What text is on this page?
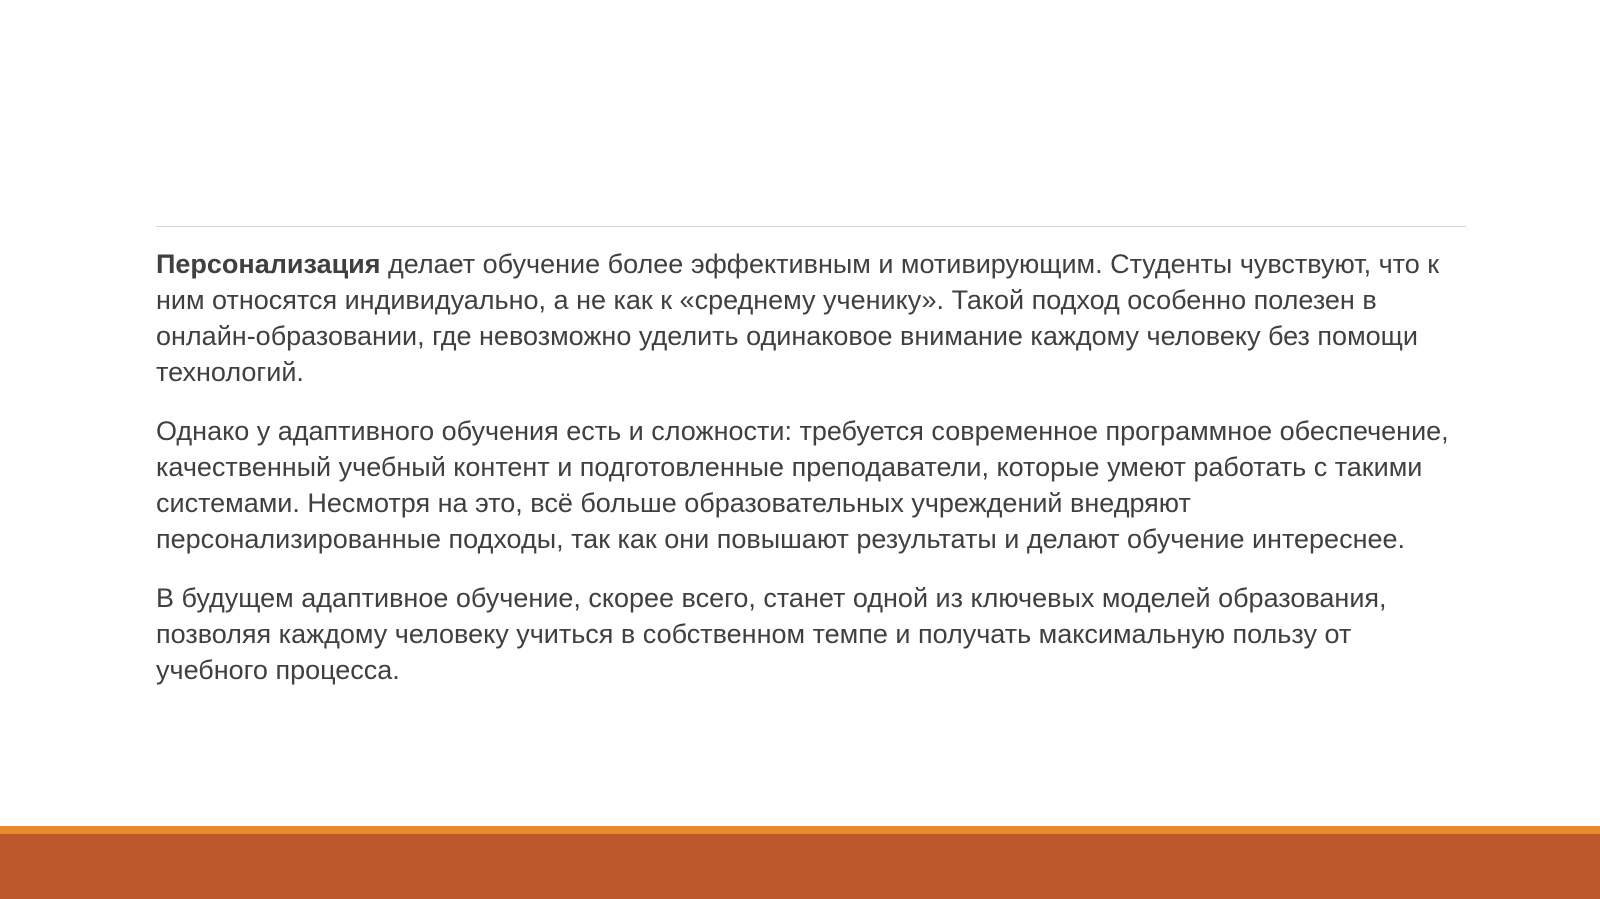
Персонализация делает обучение более эффективным и мотивирующим. Студенты чувствуют, что к ним относятся индивидуально, а не как к «среднему ученику». Такой подход особенно полезен в онлайн-образовании, где невозможно уделить одинаковое внимание каждому человеку без помощи технологий.

Однако у адаптивного обучения есть и сложности: требуется современное программное обеспечение, качественный учебный контент и подготовленные преподаватели, которые умеют работать с такими системами. Несмотря на это, всё больше образовательных учреждений внедряют персонализированные подходы, так как они повышают результаты и делают обучение интереснее.

В будущем адаптивное обучение, скорее всего, станет одной из ключевых моделей образования, позволяя каждому человеку учиться в собственном темпе и получать максимальную пользу от учебного процесса.
